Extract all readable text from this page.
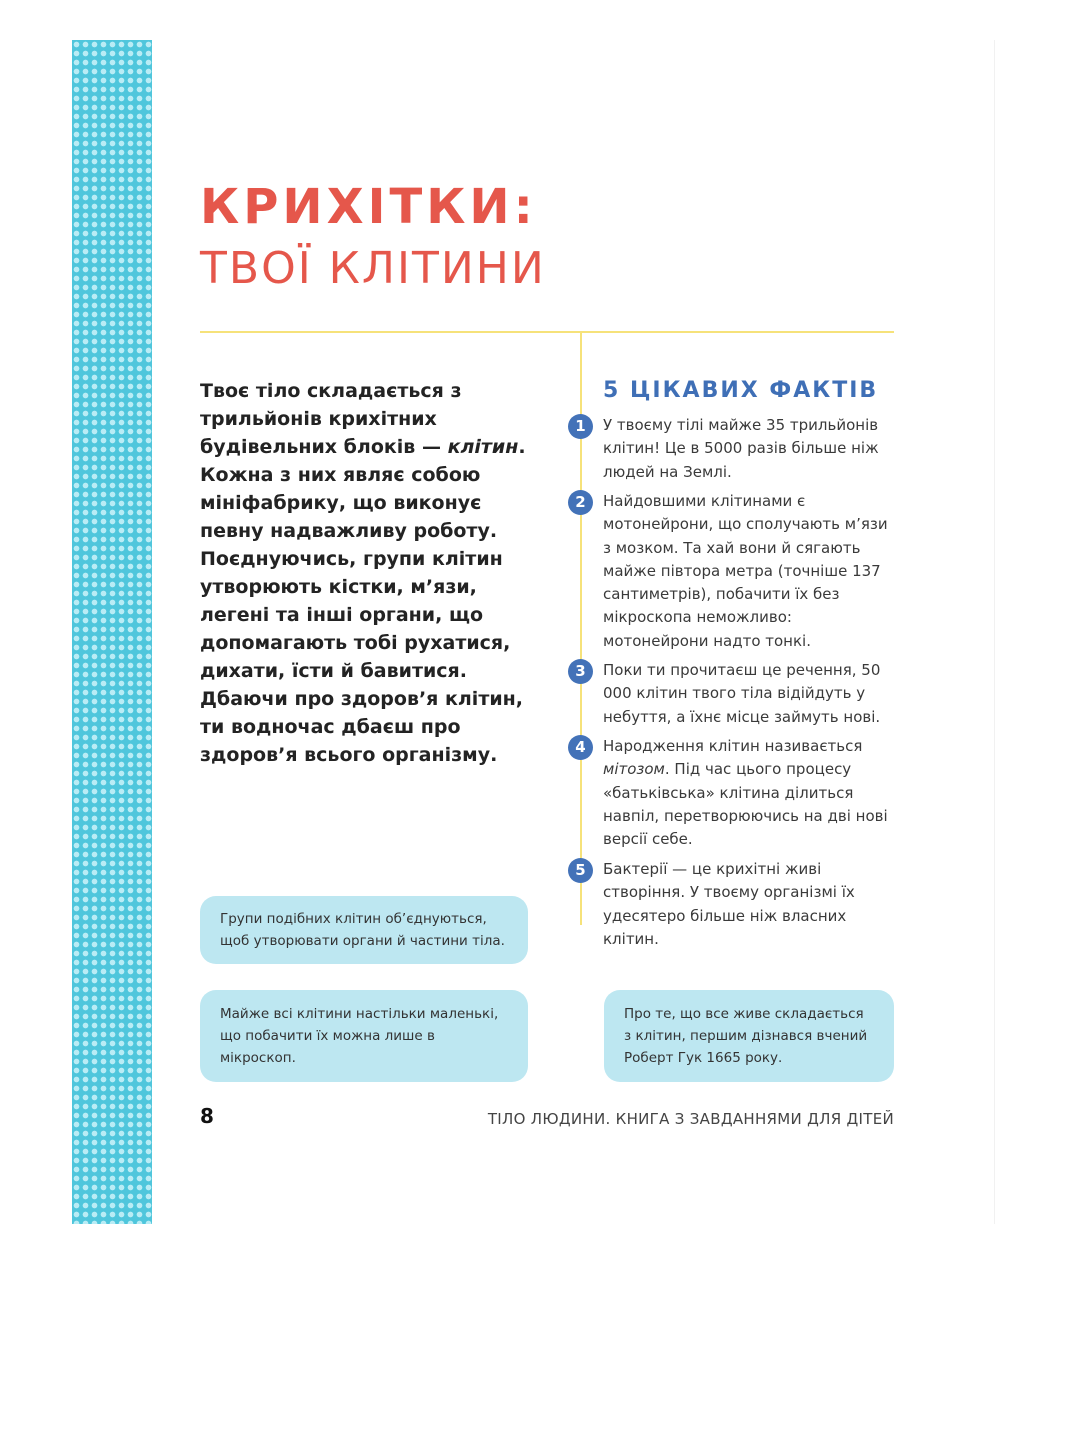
КРИХІТКИ:
ТВОЇ КЛІТИНИ

Твоє тіло складається з трильйонів крихітних будівельних блоків — клітин. Кожна з них являє собою мініфабрику, що виконує певну надважливу роботу. Поєднуючись, групи клітин утворюють кістки, м’язи, легені та інші органи, що допомагають тобі рухатися, дихати, їсти й бавитися. Дбаючи про здоров’я клітин, ти водночас дбаєш про здоров’я всього організму.

5 ЦІКАВИХ ФАКТІВ
1	У твоєму тілі майже 35 трильйонів клітин! Це в 5000 разів більше ніж людей на Землі.

2	Найдовшими клітинами є мотонейрони, що сполучають м’язи з мозком. Та хай вони й сягають майже півтора метра (точніше 137 сантиметрів), побачити їх без мікроскопа неможливо: мотонейрони надто тонкі.

3	Поки ти прочитаєш це речення, 50 000 клітин твого тіла відійдуть у небуття, а їхнє місце займуть нові.

4	Народження клітин називається мітозом. Під час цього процесу «батьківська» клітина ділиться навпіл, перетворюючись на дві нові версії себе.

5	Бактерії — це крихітні живі створіння. У твоєму організмі їх удесятеро більше ніж власних клітин.

Групи подібних клітин об’єднуються, щоб утворювати органи й частини тіла.

Майже всі клітини настільки маленькі, що побачити їх можна лише в мікроскоп.

Про те, що все живе складається з клітин, першим дізнався вчений Роберт Гук 1665 року.

8	ТІЛО ЛЮДИНИ. КНИГА З ЗАВДАННЯМИ ДЛЯ ДІТЕЙ
